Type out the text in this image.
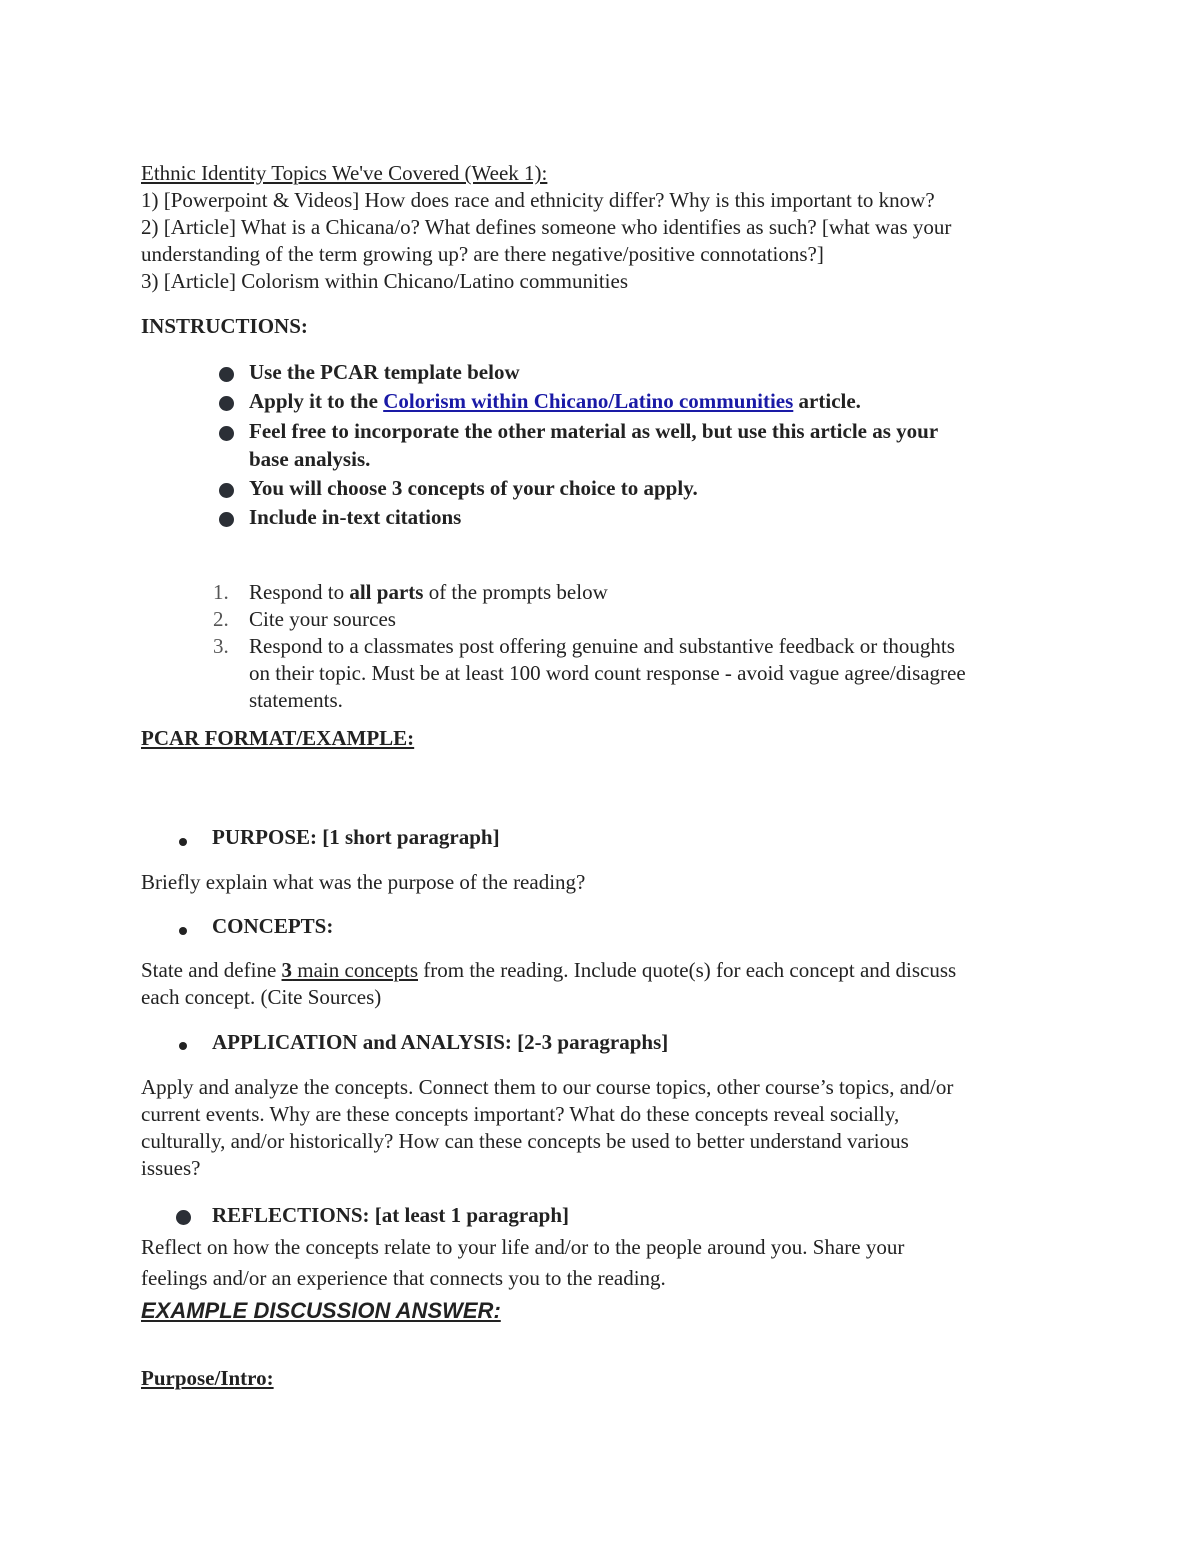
Ethnic Identity Topics We've Covered (Week 1):
1) [Powerpoint & Videos] How does race and ethnicity differ? Why is this important to know?
2) [Article] What is a Chicana/o? What defines someone who identifies as such? [what was your
understanding of the term growing up? are there negative/positive connotations?]
3) [Article] Colorism within Chicano/Latino communities
INSTRUCTIONS:
Use the PCAR template below
Apply it to the Colorism within Chicano/Latino communities article.
Feel free to incorporate the other material as well, but use this article as your
base analysis.
You will choose 3 concepts of your choice to apply.
Include in-text citations
1. Respond to all parts of the prompts below
2. Cite your sources
3. Respond to a classmates post offering genuine and substantive feedback or thoughts
on their topic. Must be at least 100 word count response - avoid vague agree/disagree
statements.
PCAR FORMAT/EXAMPLE:
PURPOSE: [1 short paragraph]
Briefly explain what was the purpose of the reading?
CONCEPTS:
State and define 3 main concepts from the reading. Include quote(s) for each concept and discuss
each concept. (Cite Sources)
APPLICATION and ANALYSIS: [2-3 paragraphs]
Apply and analyze the concepts. Connect them to our course topics, other course’s topics, and/or
current events. Why are these concepts important? What do these concepts reveal socially,
culturally, and/or historically? How can these concepts be used to better understand various
issues?
REFLECTIONS: [at least 1 paragraph]
Reflect on how the concepts relate to your life and/or to the people around you. Share your
feelings and/or an experience that connects you to the reading.
EXAMPLE DISCUSSION ANSWER:
Purpose/Intro:
